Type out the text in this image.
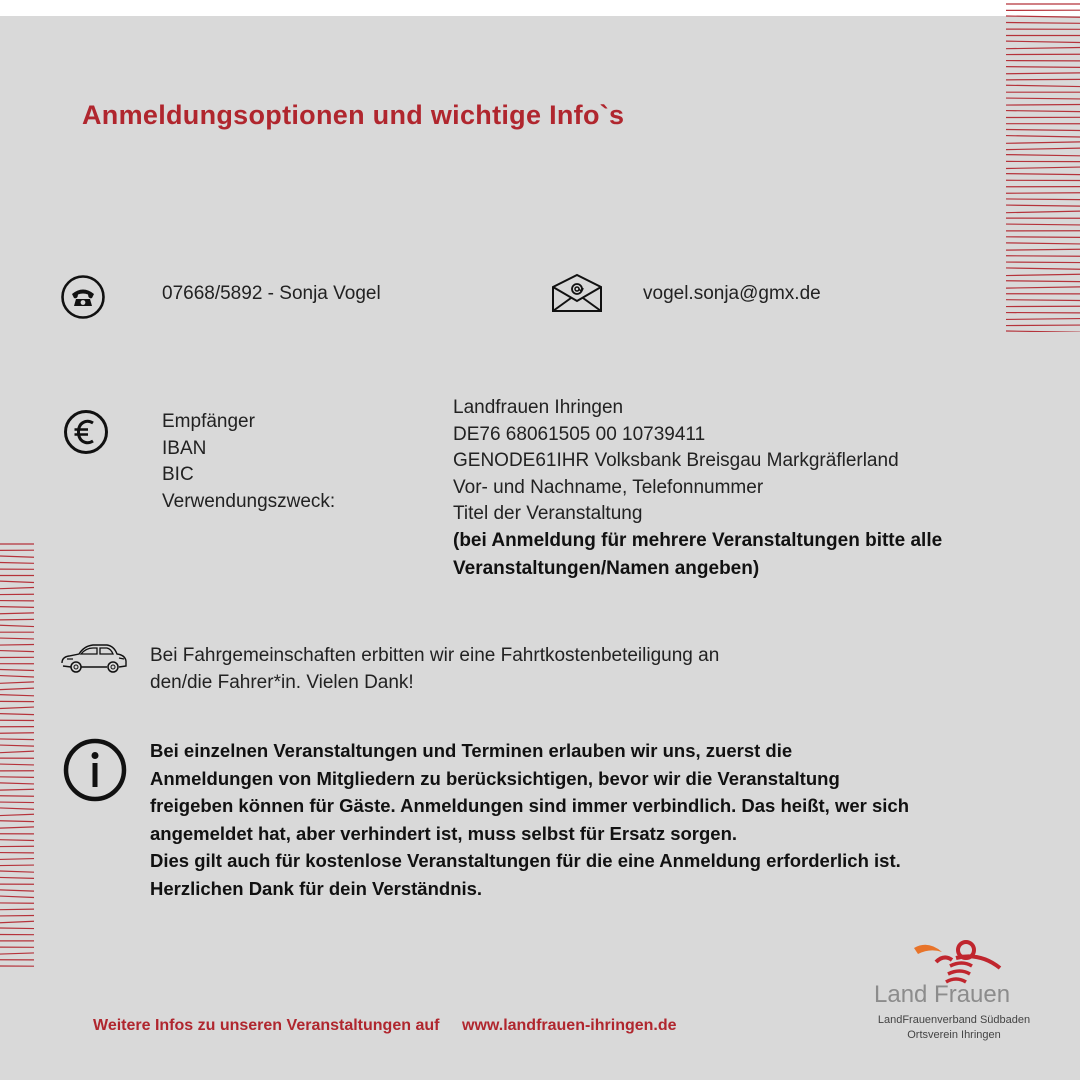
Anmeldungsoptionen und wichtige Info`s
07668/5892 - Sonja Vogel	vogel.sonja@gmx.de
Empfänger
IBAN
BIC
Verwendungszweck:
Landfrauen Ihringen
DE76 68061505 00 10739411
GENODE61IHR Volksbank Breisgau Markgräflerland
Vor- und Nachname, Telefonnummer
Titel der Veranstaltung
(bei Anmeldung für mehrere Veranstaltungen bitte alle
Veranstaltungen/Namen angeben)
Bei Fahrgemeinschaften erbitten wir eine Fahrtkostenbeteiligung an
den/die Fahrer*in. Vielen Dank!
Bei einzelnen Veranstaltungen und Terminen erlauben wir uns, zuerst die
Anmeldungen von Mitgliedern zu berücksichtigen, bevor wir die Veranstaltung
freigeben können für Gäste. Anmeldungen sind immer verbindlich. Das heißt, wer sich
angemeldet hat, aber verhindert ist, muss selbst für Ersatz sorgen.
Dies gilt auch für kostenlose Veranstaltungen für die eine Anmeldung erforderlich ist.
Herzlichen Dank für dein Verständnis.
Weitere Infos zu unseren Veranstaltungen auf www.landfrauen-ihringen.de
Land Frauen
LandFrauenverband Südbaden
Ortsverein Ihringen
